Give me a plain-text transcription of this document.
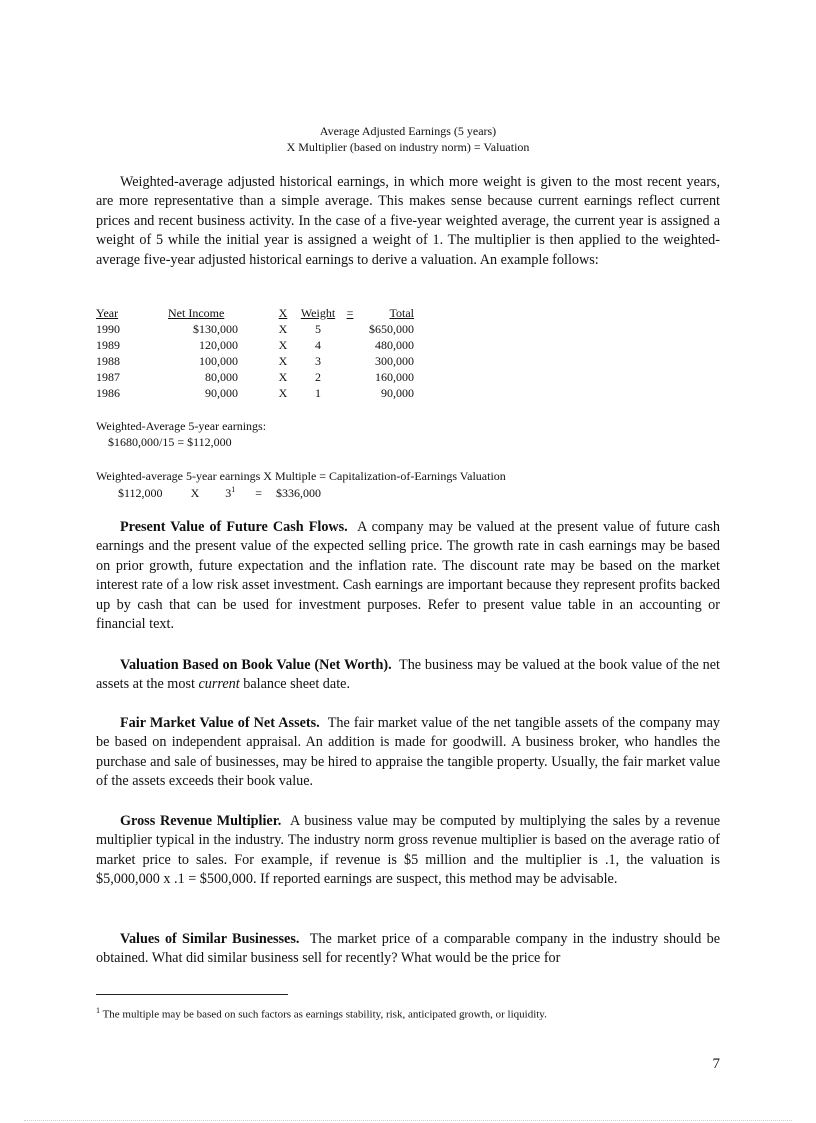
Average Adjusted Earnings (5 years)
X Multiplier (based on industry norm) = Valuation

Weighted-average adjusted historical earnings, in which more weight is given to the most recent years, are more representative than a simple average. This makes sense because current earnings reflect current prices and recent business activity. In the case of a five-year weighted average, the current year is assigned a weight of 5 while the initial year is assigned a weight of 1. The multiplier is then applied to the weighted-average five-year adjusted historical earnings to derive a valuation. An example follows:

Year	Net Income	X	Weight	=	Total
1990	$130,000	X	5		$650,000
1989	120,000	X	4		480,000
1988	100,000	X	3		300,000
1987	80,000	X	2		160,000
1986	90,000	X	1		90,000
Weighted-Average 5-year earnings:
$1680,000/15 = $112,000
Weighted-average 5-year earnings X Multiple = Capitalization-of-Earnings Valuation
$112,000 X 3$^1$ = $336,000

Present Value of Future Cash Flows. A company may be valued at the present value of future cash earnings and the present value of the expected selling price. The growth rate in cash earnings may be based on prior growth, future expectation and the inflation rate. The discount rate may be based on the market interest rate of a low risk asset investment. Cash earnings are important because they represent profits backed up by cash that can be used for investment purposes. Refer to present value table in an accounting or financial text.

Valuation Based on Book Value (Net Worth). The business may be valued at the book value of the net assets at the most current balance sheet date.

Fair Market Value of Net Assets. The fair market value of the net tangible assets of the company may be based on independent appraisal. An addition is made for goodwill. A business broker, who handles the purchase and sale of businesses, may be hired to appraise the tangible property. Usually, the fair market value of the assets exceeds their book value.

Gross Revenue Multiplier. A business value may be computed by multiplying the sales by a revenue multiplier typical in the industry. The industry norm gross revenue multiplier is based on the average ratio of market price to sales. For example, if revenue is $5 million and the multiplier is .1, the valuation is $5,000,000 x .1 = $500,000. If reported earnings are suspect, this method may be advisable.

Values of Similar Businesses. The market price of a comparable company in the industry should be obtained. What did similar business sell for recently? What would be the price for

$^1$ The multiple may be based on such factors as earnings stability, risk, anticipated growth, or liquidity.
7
